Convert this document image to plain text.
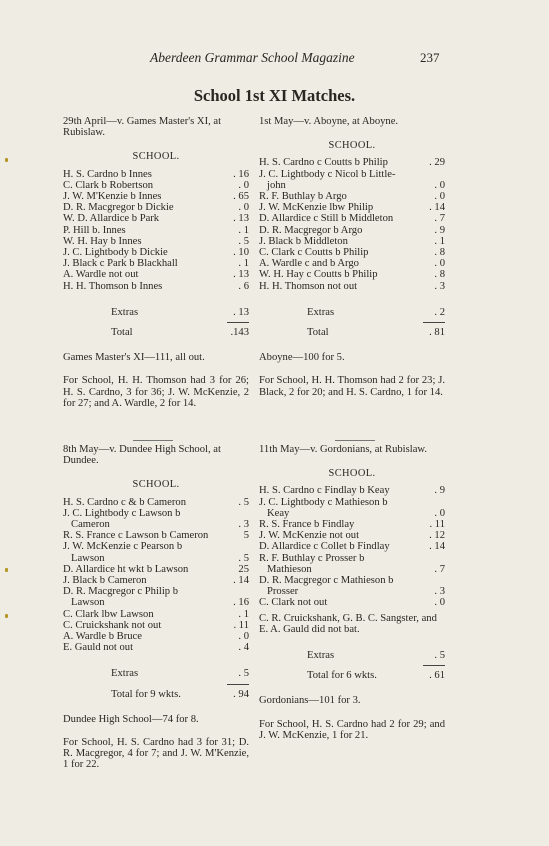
Aberdeen Grammar School Magazine	237
School 1st XI Matches.
29th April—v. Games Master's XI, at Rubislaw.
SCHOOL.
H. S. Cardno b Innes	. 16
C. Clark b Robertson	. 0
J. W. M'Kenzie b Innes	. 65
D. R. Macgregor b Dickie	. 0
W. D. Allardice b Park	. 13
P. Hill b. Innes	. 1
W. H. Hay b Innes	. 5
J. C. Lightbody b Dickie	. 10
J. Black c Park b Blackhall	. 1
A. Wardle not out	. 13
H. H. Thomson b Innes	. 6
Extras	. 13
Total	.143
Games Master's XI—111, all out.
For School, H. H. Thomson had 3 for 26; H. S. Cardno, 3 for 36; J. W. McKenzie, 2 for 27; and A. Wardle, 2 for 14.
1st May—v. Aboyne, at Aboyne.
SCHOOL.
H. S. Cardno c Coutts b Philip	. 29
J. C. Lightbody c Nicol b Little-
john	. 0
R. F. Buthlay b Argo	. 0
J. W. McKenzie lbw Philip	. 14
D. Allardice c Still b Middleton	. 7
D. R. Macgregor b Argo	. 9
J. Black b Middleton	. 1
C. Clark c Coutts b Philip	. 8
A. Wardle c and b Argo	. 0
W. H. Hay c Coutts b Philip	. 8
H. H. Thomson not out	. 3
Extras	. 2
Total	. 81
Aboyne—100 for 5.
For School, H. H. Thomson had 2 for 23; J. Black, 2 for 20; and H. S. Cardno, 1 for 14.
8th May—v. Dundee High School, at Dundee.
SCHOOL.
H. S. Cardno c & b Cameron	. 5
J. C. Lightbody c Lawson b
Cameron	. 3
R. S. France c Lawson b Cameron	5
J. W. McKenzie c Pearson b
Lawson	. 5
D. Allardice ht wkt b Lawson	25
J. Black b Cameron	. 14
D. R. Macgregor c Philip b
Lawson	. 16
C. Clark lbw Lawson	. 1
C. Cruickshank not out	. 11
A. Wardle b Bruce	. 0
E. Gauld not out	. 4
Extras	. 5
Total for 9 wkts.	. 94
Dundee High School—74 for 8.
For School, H. S. Cardno had 3 for 31; D. R. Macgregor, 4 for 7; and J. W. M'Kenzie, 1 for 22.
11th May—v. Gordonians, at Rubislaw.
SCHOOL.
H. S. Cardno c Findlay b Keay	. 9
J. C. Lightbody c Mathieson b
Keay	. 0
R. S. France b Findlay	. 11
J. W. McKenzie not out	. 12
D. Allardice c Collet b Findlay	. 14
R. F. Buthlay c Prosser b
Mathieson	. 7
D. R. Macgregor c Mathieson b
Prosser	. 3
C. Clark not out	. 0
C. R. Cruickshank, G. B. C. Sangster, and E. A. Gauld did not bat.
Extras	. 5
Total for 6 wkts.	. 61
Gordonians—101 for 3.
For School, H. S. Cardno had 2 for 29; and J. W. McKenzie, 1 for 21.
